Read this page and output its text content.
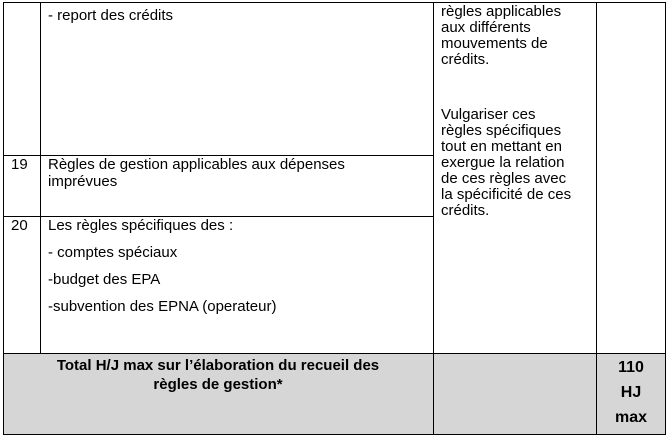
- report des crédits
19 Règles de gestion applicables aux dépenses
imprévues
20 Les règles spécifiques des :
- comptes spéciaux
-budget des EPA
-subvention des EPNA (operateur)
règles applicables
aux différents
mouvements de
crédits.
Vulgariser ces
règles spécifiques
tout en mettant en
exergue la relation
de ces règles avec
la spécificité de ces
crédits.
Total H/J max sur l’élaboration du recueil des
règles de gestion*
110
HJ
max
